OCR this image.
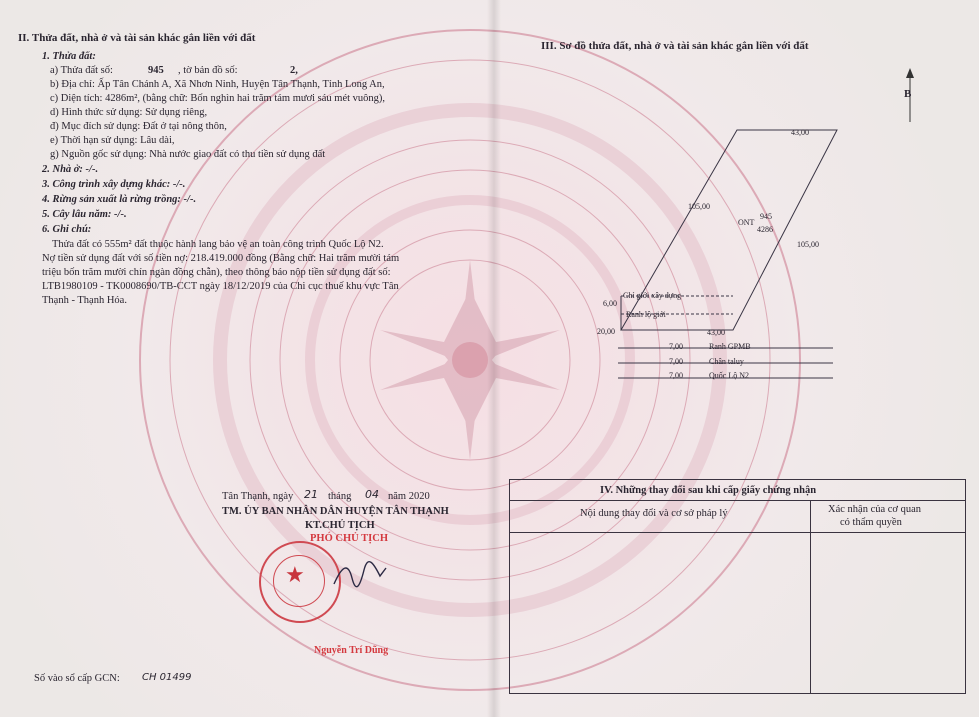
II. Thửa đất, nhà ở và tài sản khác gắn liền với đất
1. Thửa đất:
a) Thửa đất số:	945 , tờ bản đồ số:	2,
b) Địa chỉ: Ấp Tân Chánh A, Xã Nhơn Ninh, Huyện Tân Thạnh, Tỉnh Long An,
c) Diện tích: 4286m², (bằng chữ: Bốn nghìn hai trăm tám mươi sáu mét vuông),
d) Hình thức sử dụng: Sử dụng riêng,
đ) Mục đích sử dụng: Đất ở tại nông thôn,
e) Thời hạn sử dụng: Lâu dài,
g) Nguồn gốc sử dụng: Nhà nước giao đất có thu tiền sử dụng đất
2. Nhà ở: -/-.
3. Công trình xây dựng khác: -/-.
4. Rừng sản xuất là rừng trồng: -/-.
5. Cây lâu năm: -/-.
6. Ghi chú:
Thửa đất có 555m² đất thuộc hành lang bảo vệ an toàn công trình Quốc Lộ N2.
Nợ tiền sử dụng đất với số tiền nợ: 218.419.000 đồng (Bằng chữ: Hai trăm mười tám
triệu bốn trăm mười chín ngàn đồng chẵn), theo thông báo nộp tiền sử dụng đất số:
LTB1980109 - TK0008690/TB-CCT ngày 18/12/2019 của Chi cục thuế khu vực Tân
Thạnh - Thạnh Hóa.
Tân Thạnh, ngày 21 tháng 04 năm 2020
TM. ỦY BAN NHÂN DÂN HUYỆN TÂN THẠNH
KT.CHỦ TỊCH
PHÓ CHỦ TỊCH
★
Nguyễn Trí Dũng
Số vào sổ cấp GCN: CH 01499
III. Sơ đồ thửa đất, nhà ở và tài sản khác gắn liền với đất
B
43,00
105,00
105,00
945
ONT
4286
Chỉ giới xây dựng
Ranh lộ giới
6,00
20,00	43,00
7,00	Ranh GPMB
7,00	Chân taluy
7,00	Quốc Lộ N2
IV. Những thay đổi sau khi cấp giấy chứng nhận
Nội dung thay đổi và cơ sở pháp lý	Xác nhận của cơ quan
có thẩm quyền
